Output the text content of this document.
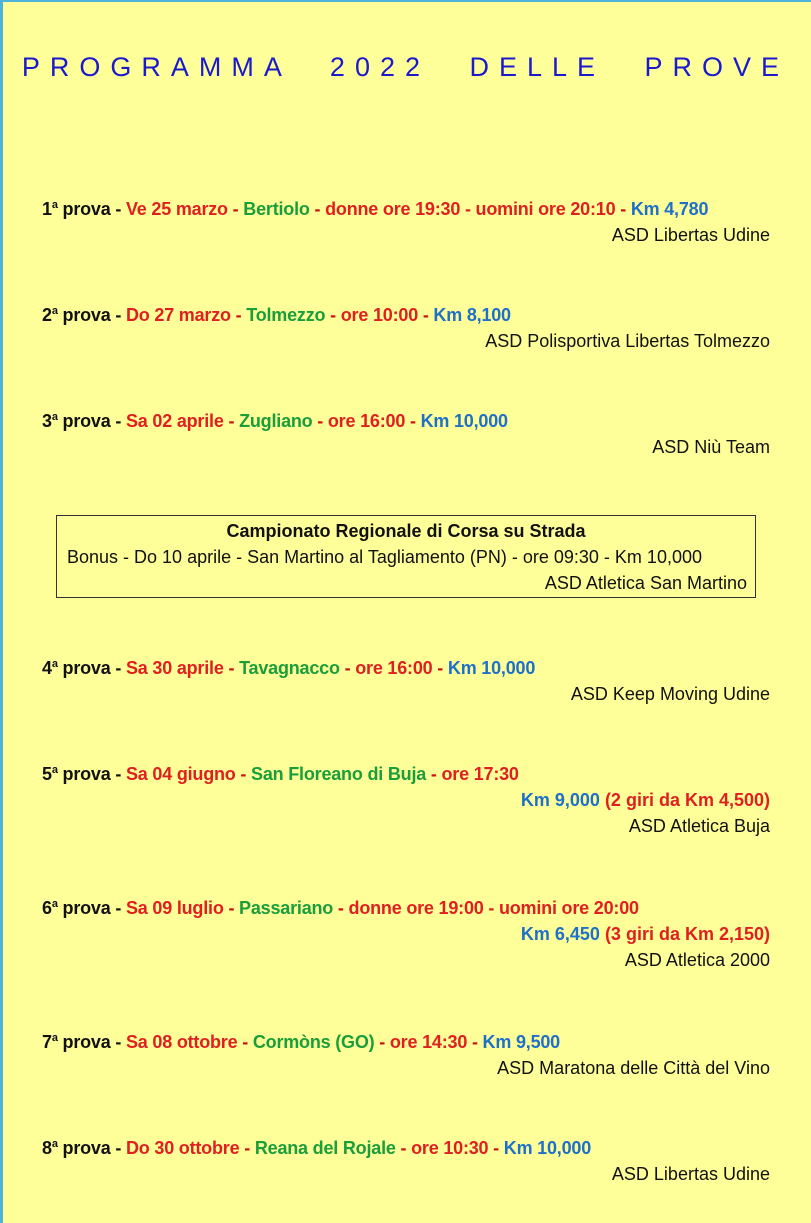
PROGRAMMA 2022 DELLE PROVE
1$^a$ prova - Ve 25 marzo - Bertiolo - donne ore 19:30 - uomini ore 20:10 - Km 4,780
ASD Libertas Udine
2$^a$ prova - Do 27 marzo - Tolmezzo - ore 10:00 - Km 8,100
ASD Polisportiva Libertas Tolmezzo
3$^a$ prova - Sa 02 aprile - Zugliano - ore 16:00 - Km 10,000
ASD Niù Team
Campionato Regionale di Corsa su Strada
Bonus - Do 10 aprile - San Martino al Tagliamento (PN) - ore 09:30 - Km 10,000
ASD Atletica San Martino
4$^a$ prova - Sa 30 aprile - Tavagnacco - ore 16:00 - Km 10,000
ASD Keep Moving Udine
5$^a$ prova - Sa 04 giugno - San Floreano di Buja - ore 17:30
Km 9,000 (2 giri da Km 4,500)
ASD Atletica Buja
6$^a$ prova - Sa 09 luglio - Passariano - donne ore 19:00 - uomini ore 20:00
Km 6,450 (3 giri da Km 2,150)
ASD Atletica 2000
7$^a$ prova - Sa 08 ottobre - Cormòns (GO) - ore 14:30 - Km 9,500
ASD Maratona delle Città del Vino
8$^a$ prova - Do 30 ottobre - Reana del Rojale - ore 10:30 - Km 10,000
ASD Libertas Udine
